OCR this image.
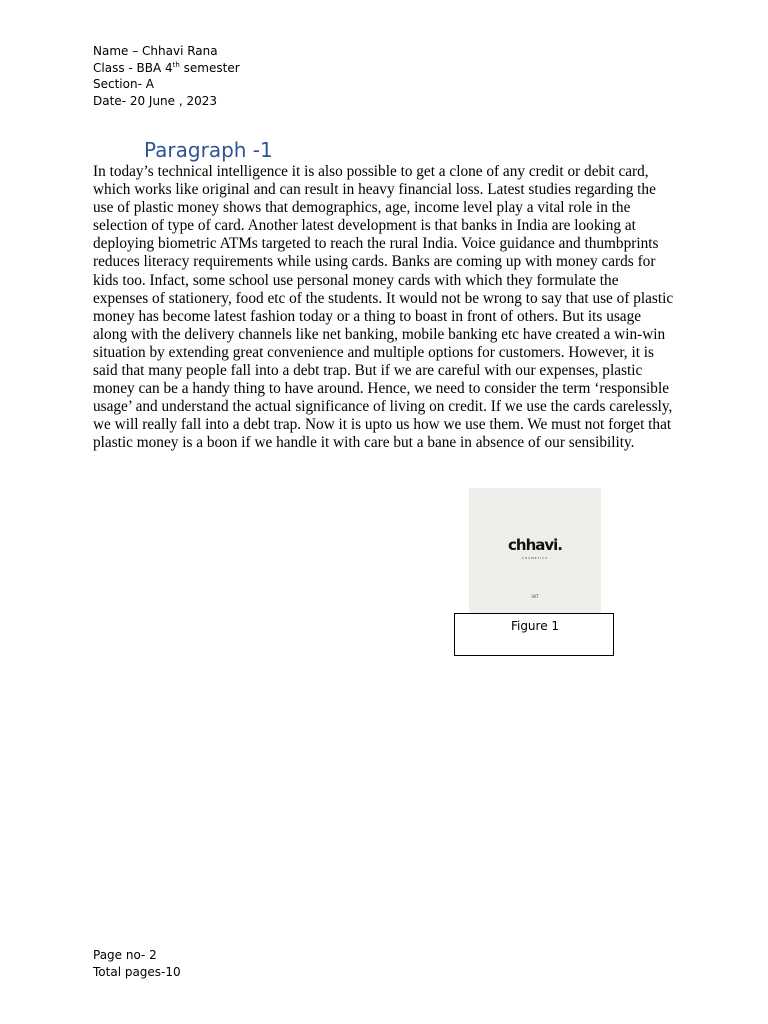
Name – Chhavi Rana
Class - BBA 4th semester
Section- A
Date- 20 June , 2023
Paragraph -1
In today’s technical intelligence it is also possible to get a clone of any credit or debit card, which works like original and can result in heavy financial loss. Latest studies regarding the use of plastic money shows that demographics, age, income level play a vital role in the selection of type of card. Another latest development is that banks in India are looking at deploying biometric ATMs targeted to reach the rural India. Voice guidance and thumbprints reduces literacy requirements while using cards. Banks are coming up with money cards for kids too. Infact, some school use personal money cards with which they formulate the expenses of stationery, food etc of the students. It would not be wrong to say that use of plastic money has become latest fashion today or a thing to boast in front of others. But its usage along with the delivery channels like net banking, mobile banking etc have created a win-win situation by extending great convenience and multiple options for customers. However, it is said that many people fall into a debt trap. But if we are careful with our expenses, plastic money can be a handy thing to have around. Hence, we need to consider the term ‘responsible usage’ and understand the actual significance of living on credit. If we use the cards carelessly, we will really fall into a debt trap. Now it is upto us how we use them. We must not forget that plastic money is a boon if we handle it with care but a bane in absence of our sensibility.
chhavi.
COSMETICS
SKT
Figure 1
Page no- 2
Total pages-10
